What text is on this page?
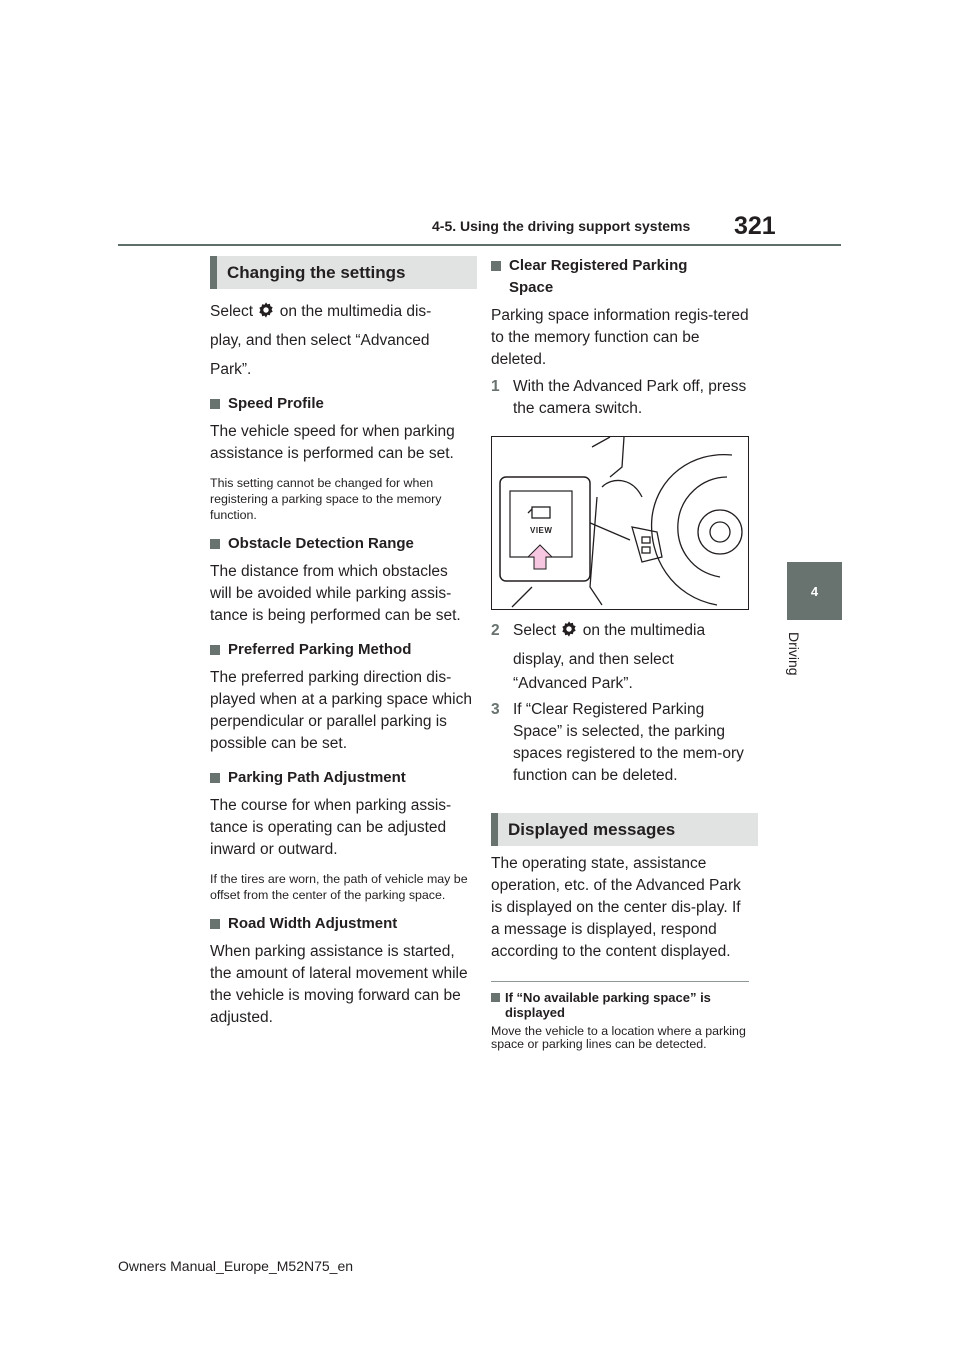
4-5. Using the driving support systems 321
4
Driving
Changing the settings

Select on the multimedia dis-

play, and then select “Advanced

Park”.

Speed Profile

The vehicle speed for when parking assistance is performed can be set.

This setting cannot be changed for when registering a parking space to the memory function.

Obstacle Detection Range

The distance from which obstacles will be avoided while parking assis-tance is being performed can be set.

Preferred Parking Method

The preferred parking direction dis-played when at a parking space which perpendicular or parallel parking is possible can be set.

Parking Path Adjustment

The course for when parking assis-tance is operating can be adjusted inward or outward.

If the tires are worn, the path of vehicle may be offset from the center of the parking space.

Road Width Adjustment

When parking assistance is started, the amount of lateral movement while the vehicle is moving forward can be adjusted.

Clear Registered Parking Space

Parking space information regis-tered to the memory function can be deleted.

1 With the Advanced Park off, press the camera switch.
VIEW
2 Select on the multimedia

display, and then select

“Advanced Park”.

3 If “Clear Registered Parking Space” is selected, the parking spaces registered to the mem-ory function can be deleted.
Displayed messages

The operating state, assistance operation, etc. of the Advanced Park is displayed on the center dis-play. If a message is displayed, respond according to the content displayed.

If “No available parking space” is displayed

Move the vehicle to a location where a parking space or parking lines can be detected.

Owners Manual_Europe_M52N75_en
